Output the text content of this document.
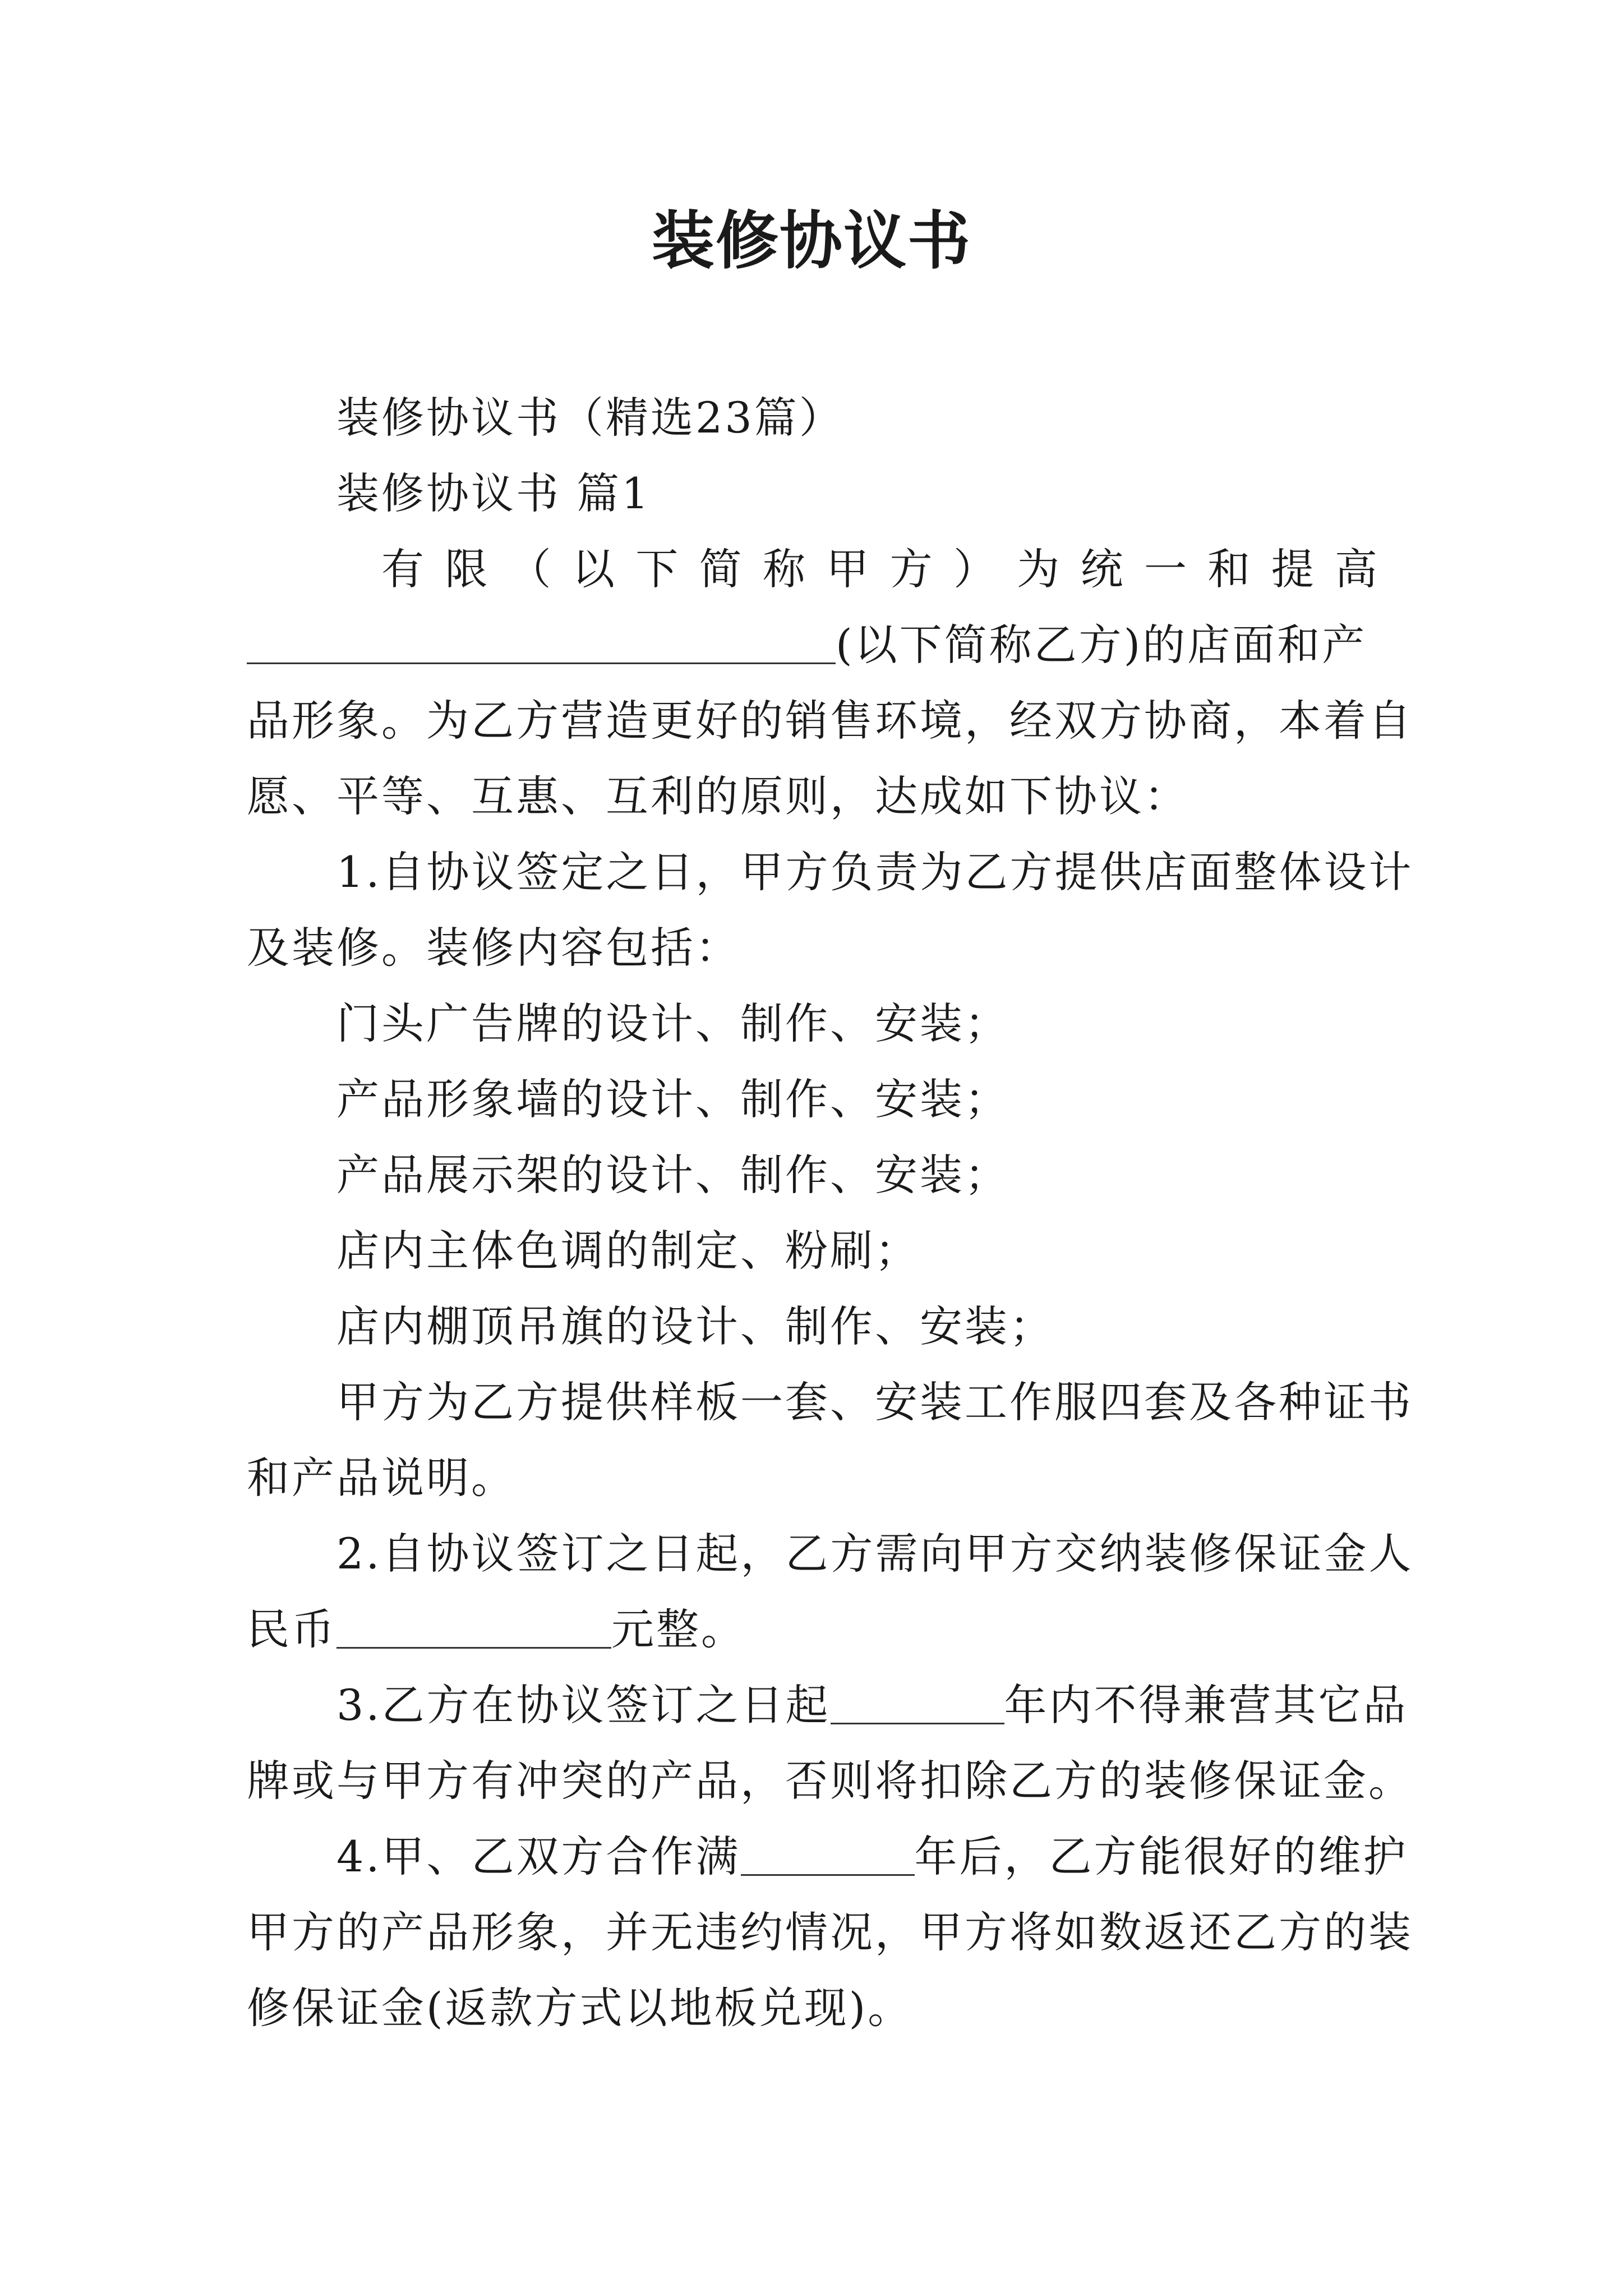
装修协议书

装修协议书（精选23篇）

装修协议书 篇1

有 限 （ 以 下 简 称 甲 方 ） 为 统 一 和 提 高

(以下简称乙方)的店面和产

品形象。为乙方营造更好的销售环境，经双方协商，本着自

愿、平等、互惠、互利的原则，达成如下协议：

1.自协议签定之日，甲方负责为乙方提供店面整体设计

及装修。装修内容包括：

门头广告牌的设计、制作、安装；

产品形象墙的设计、制作、安装；

产品展示架的设计、制作、安装；

店内主体色调的制定、粉刷；

店内棚顶吊旗的设计、制作、安装；

甲方为乙方提供样板一套、安装工作服四套及各种证书

和产品说明。

2.自协议签订之日起，乙方需向甲方交纳装修保证金人

民币	元整。

3.乙方在协议签订之日起	年内不得兼营其它品

牌或与甲方有冲突的产品，否则将扣除乙方的装修保证金。

4.甲、乙双方合作满	年后，乙方能很好的维护

甲方的产品形象，并无违约情况，甲方将如数返还乙方的装

修保证金(返款方式以地板兑现)。
